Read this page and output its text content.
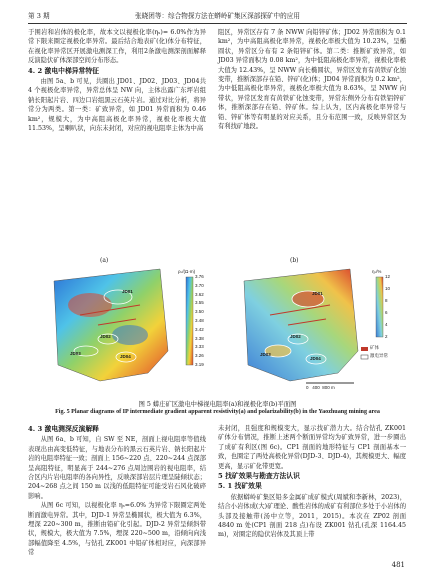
第 3 期	张晓团等：综合物探方法在蟒岭矿集区深部探矿中的应用

于围岩和岩体的极化率，故本文以视极化率(ηₛ)= 6.0%作为异常下限来圈定视极化率异常。最后结合地表矿(化)体分布特征，在视化率异常区开展激电测深工作，利用2条激电测深剖面解释反演隐伏矿体深部空间分布形态。

4. 2 激电中梯异常特征

由图 5a、b 可见，共圈出 JD01、JD02、JD03、JD04共 4 个视极化率异常，异常总体呈 NW 向，主体出露广东坪岩组钠长阳起片岩、四边口岩组黑云石英片岩。通过对比分析，将异常分为两类。第一类：矿致异常，如 JD01 异常面积为 0.46 km²，规模大，为中高阻高极化率异常，视极化率极大值 11.53%，呈喇叭状，向东未封闭，对应的视电阻率主体为中高

阻区，异常区存有 7 条 NWW 向铅锌矿体；JD02 异常面积为 0.1 km²，为中高阻高极化率异常，视极化率极大值为 10.23%，呈椭圆状，异常区分布有 2 条铅锌矿体。第二类：推断矿致异常，如 JD03 异常面积为 0.08 km²，为中低阻高极化率异常，视极化率极大值为 12.43%，呈 NWW 向长椭圆状，异常区发育有黄铁矿化蚀变带，推断深部存在铅、锌矿(化)体；JD04 异常面积为 0.2 km²，为中低阻高极化率异常，视极化率极大值为 8.63%，呈 NWW 向带状，异常区发育有黄铁矿化蚀变带，异常东侧外分布有铁铝锌矿体，推断深部存在铅、锌矿体。综上认为，区内高极化率异常与铅、锌矿体等有明显的对应关系，且分布范围一致，反映异常区为有利找矿地段。

(a)
ρₛ/(Ω·m)
JD01
JD02
JD03
JD04
3.76
3.70
3.62
3.55
3.50
3.48
3.42
3.38
3.33
3.26
3.19
(b)
ηₛ/%
JD01
JD02
JD03
JD04
矿体
激电异常
0   400  800 m
12
10
8
6
4
2
图 5 蟒庄矿区激电中梯视电阻率(a)和视极化率(b)平面图
Fig. 5 Planar diagrams of IP intermediate gradient apparent resistivity(a) and polarizability(b) in the Yaozhuang mining area
4. 3 激电测深反演解释

从图 6a、b 可知，自 SW 至 NE，剖面上视电阻率等值线表现出由高变低特征，与地表分布的黑云石英片岩、钠长阳起片岩的电阻率特征一致；剖面上 156~220 点、220~244 点深部呈高阻特征，明显高于 244~276 点周边围岩的视电阻率，结合区内片岩电阻率的各向异性，反映深部岩层片理呈陡倾状态；204~268 点之间 150 m 以浅的低阻特征可能受岩石风化破碎影响。

从图 6c 可知，以视极化率 ηₛ=6.0% 为异常下限圈定两处断面激电异常。其中，DJD-1 异常呈椭圆状，极大值为 6.3%，埋深 220~300 m，推断由铅矿化引起。DJD-2 异常呈倾斜带状，规模大，极大值为 7.5%，埋深 220~500 m，沿倾向向浅部幅值降至 4.5%，与钻孔 ZK001 中铅矿体相对应，向深部异常

未封闭，且强度和规模变大，显示找矿潜力大。结合钻孔 ZK001 矿体分布情况，推断上述两个断面异常均为矿致异常，进一步圈出了成矿有利区(图 6c)。CP1 剖面的地形特征与 CP1 剖面基本一致，也圈定了两处高极化异常(DJD-3、DJD-4)，其规模更大、幅度更高，显示矿化带更宽。

5 找矿效果与勘查方法认识
5. 1 找矿效果

依据蟒岭矿集区铅多金属矿成矿模式(周斌和李新林，2023)，结合小岩体成(大)矿理论、酸性岩体的成矿有利部位多处于小岩体的头部及接触带(汤中立等，2011，2015)。本次在 ZP02 剖面 4840 m 处(CP1 剖面 218 点)布设 ZK001 钻孔(孔深 1164.45 m)，对圈定的隐伏岩体及其顶上带

481
